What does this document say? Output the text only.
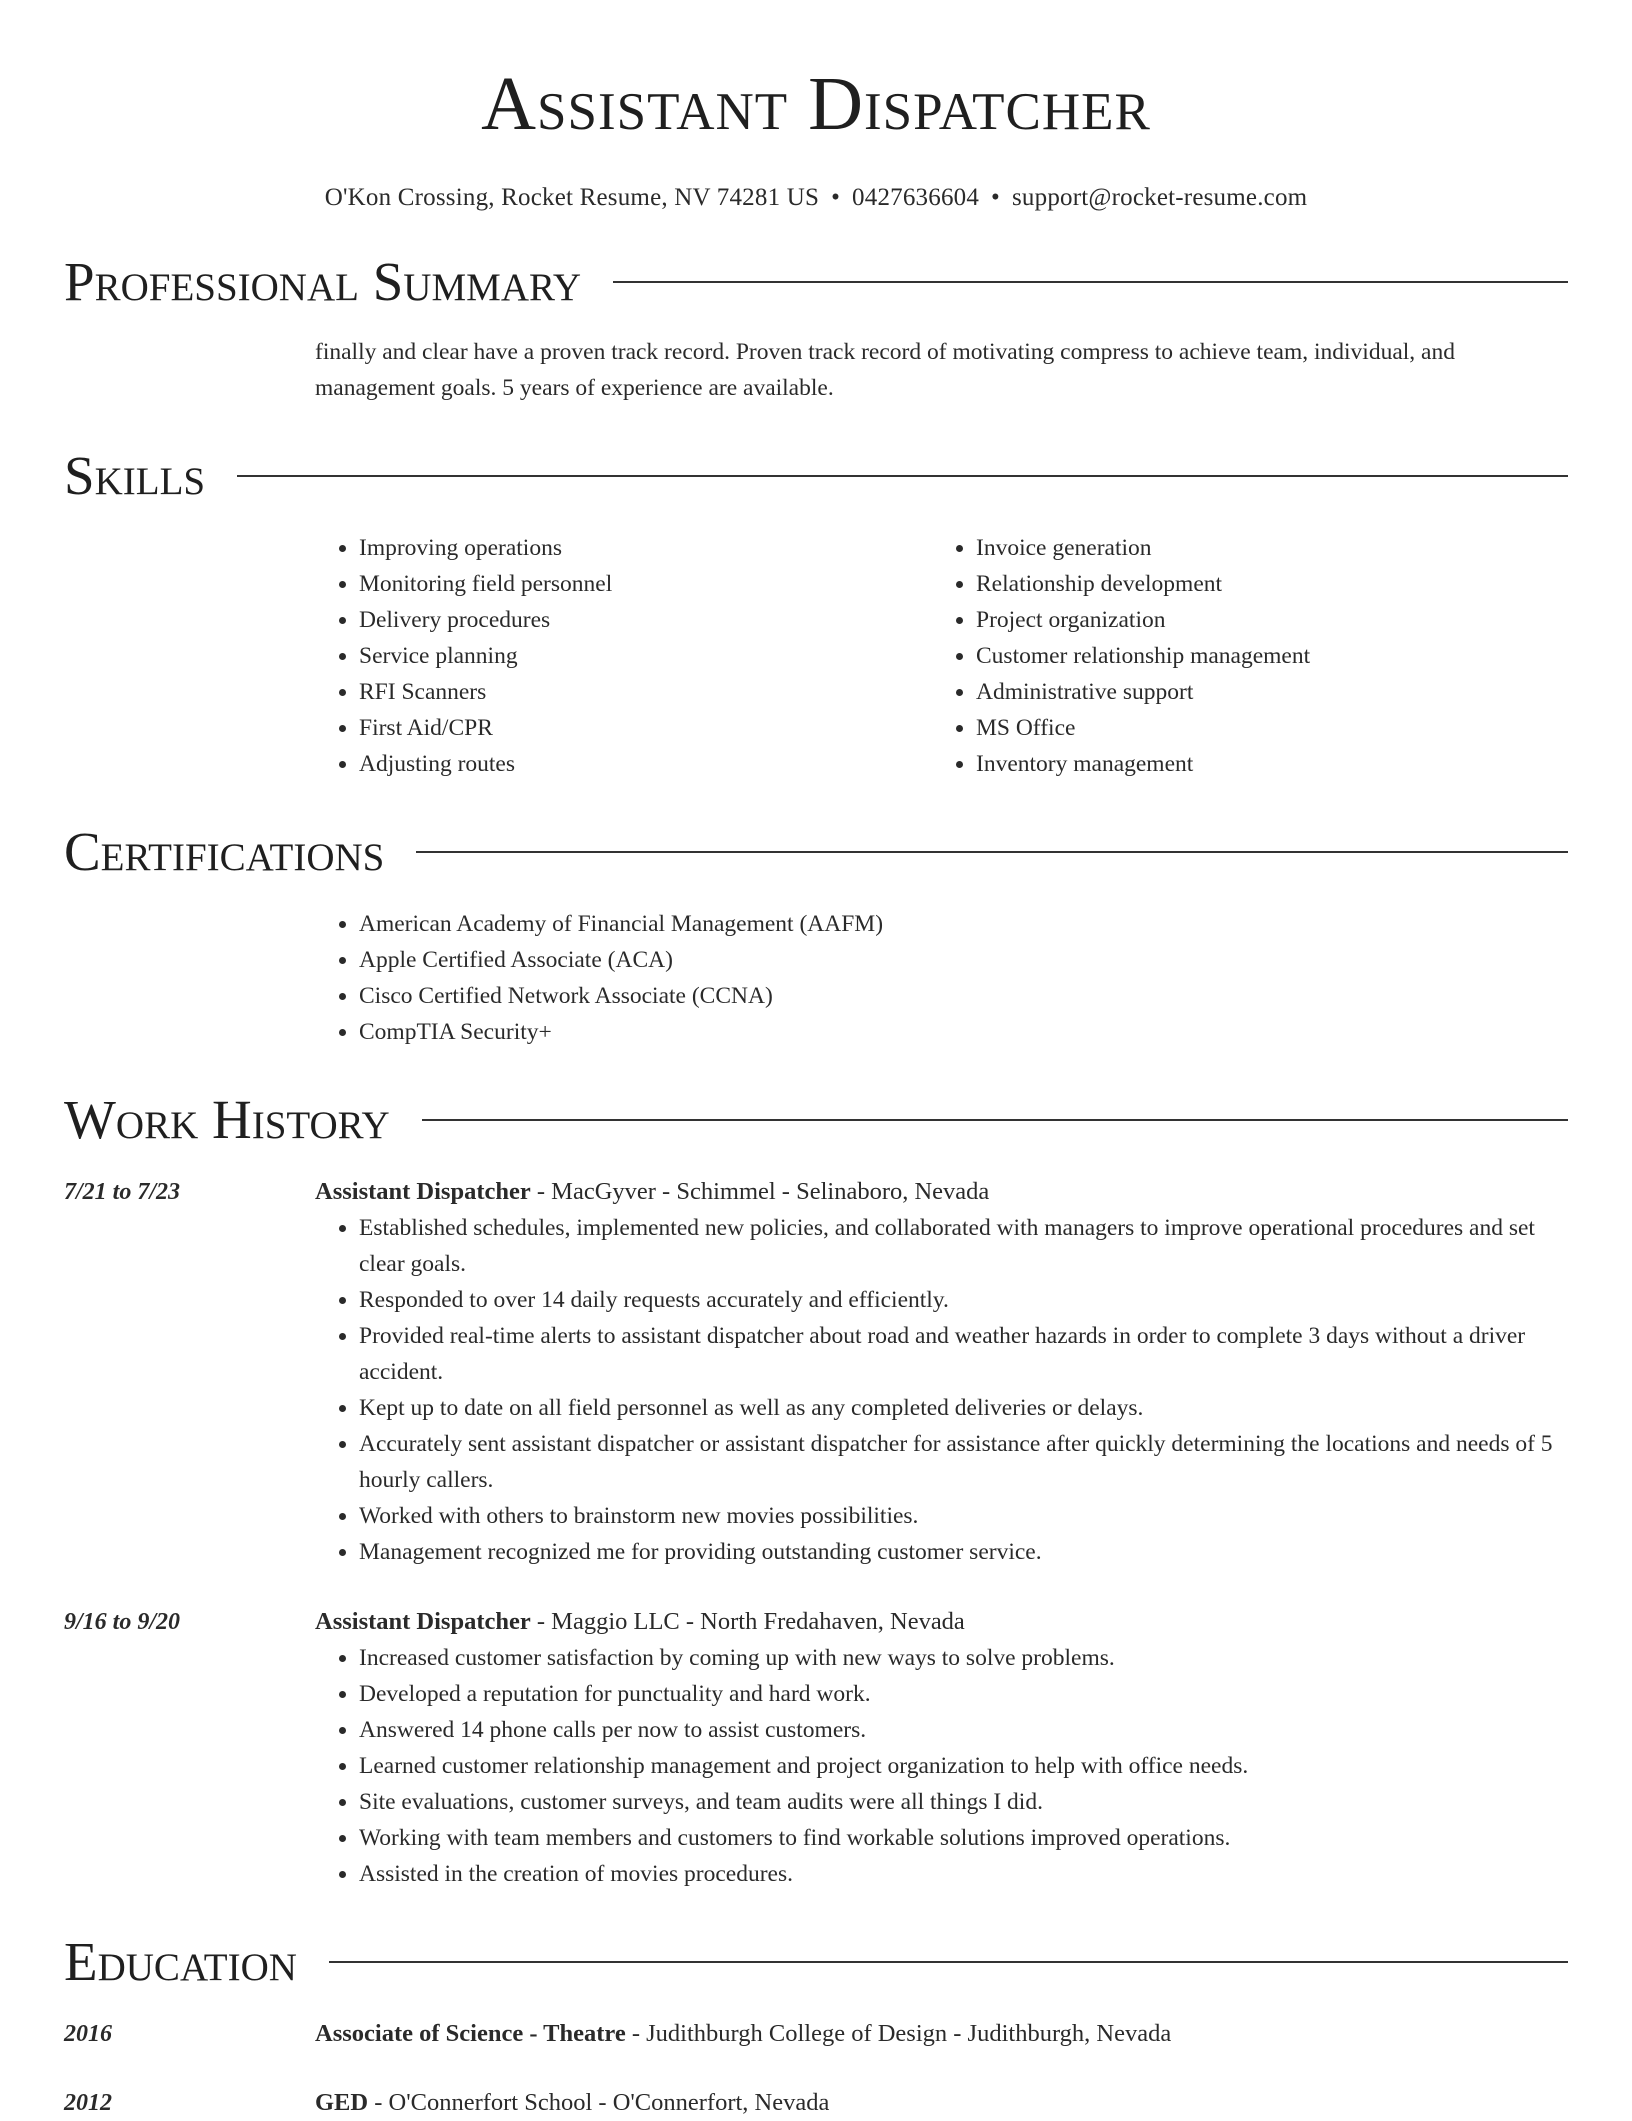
Assistant Dispatcher
O'Kon Crossing, Rocket Resume, NV 74281 US • 0427636604 • support@rocket-resume.com
Professional Summary
finally and clear have a proven track record. Proven track record of motivating compress to achieve team, individual, and management goals. 5 years of experience are available.
Skills
• Improving operations
• Monitoring field personnel
• Delivery procedures
• Service planning
• RFI Scanners
• First Aid/CPR
• Adjusting routes
• Invoice generation
• Relationship development
• Project organization
• Customer relationship management
• Administrative support
• MS Office
• Inventory management
Certifications
• American Academy of Financial Management (AAFM)
• Apple Certified Associate (ACA)
• Cisco Certified Network Associate (CCNA)
• CompTIA Security+
Work History
7/21 to 7/23	Assistant Dispatcher - MacGyver - Schimmel - Selinaboro, Nevada
• Established schedules, implemented new policies, and collaborated with managers to improve operational procedures and set clear goals.
• Responded to over 14 daily requests accurately and efficiently.
• Provided real-time alerts to assistant dispatcher about road and weather hazards in order to complete 3 days without a driver accident.
• Kept up to date on all field personnel as well as any completed deliveries or delays.
• Accurately sent assistant dispatcher or assistant dispatcher for assistance after quickly determining the locations and needs of 5 hourly callers.
• Worked with others to brainstorm new movies possibilities.
• Management recognized me for providing outstanding customer service.
9/16 to 9/20	Assistant Dispatcher - Maggio LLC - North Fredahaven, Nevada
• Increased customer satisfaction by coming up with new ways to solve problems.
• Developed a reputation for punctuality and hard work.
• Answered 14 phone calls per now to assist customers.
• Learned customer relationship management and project organization to help with office needs.
• Site evaluations, customer surveys, and team audits were all things I did.
• Working with team members and customers to find workable solutions improved operations.
• Assisted in the creation of movies procedures.
Education
2016	Associate of Science - Theatre - Judithburgh College of Design - Judithburgh, Nevada
2012	GED - O'Connerfort School - O'Connerfort, Nevada
